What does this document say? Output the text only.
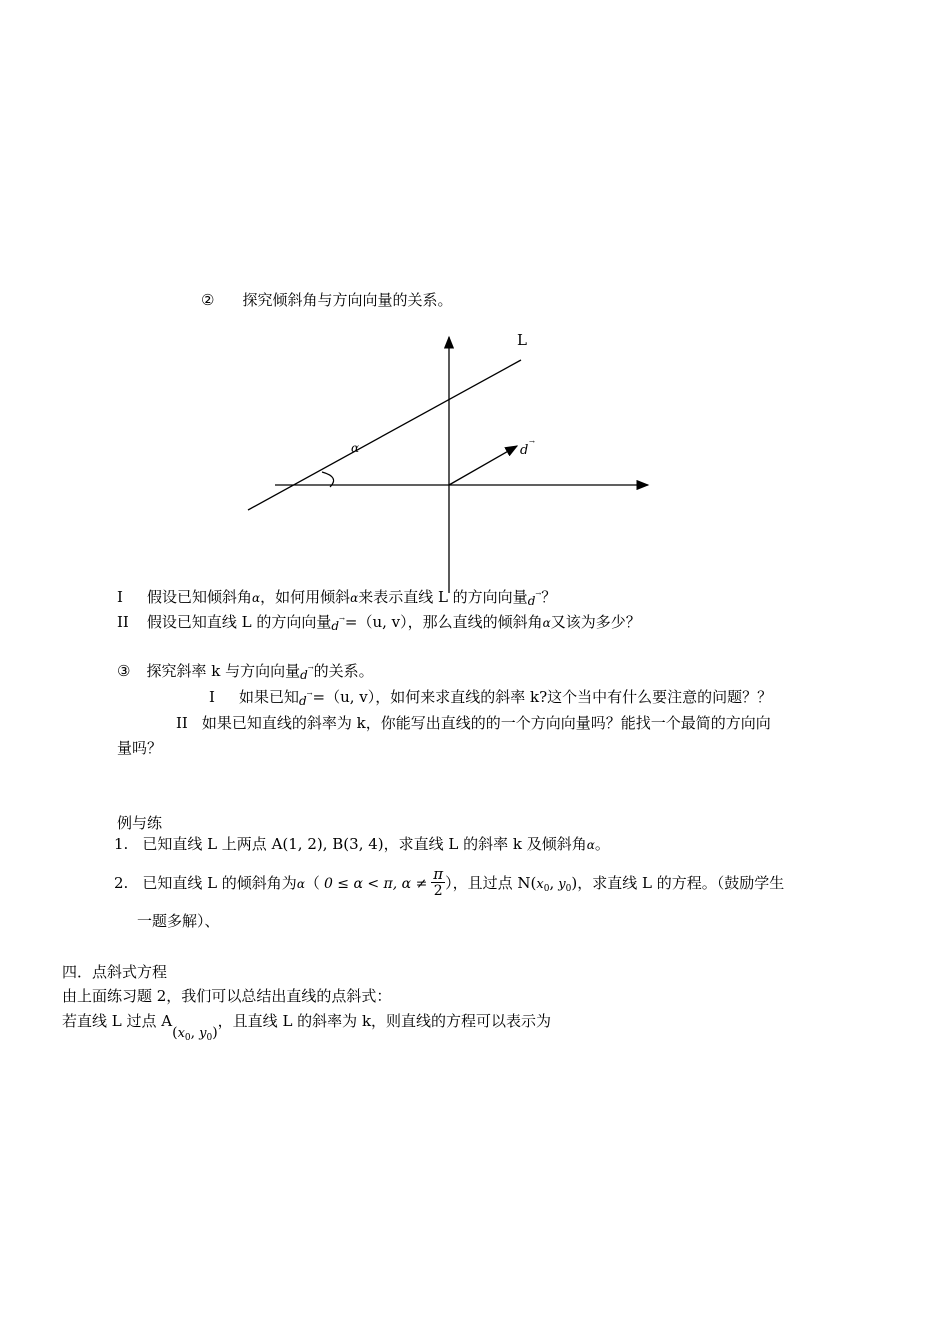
② 探究倾斜角与方向向量的关系。
L
α	d
→
I 假设已知倾斜角α，如何用倾斜α来表示直线 L 的方向向量$_d$→？
II 假设已知直线 L 的方向向量$_d$→=（u, v），那么直线的倾斜角α又该为多少？
③ 探究斜率 k 与方向向量$_d$→的关系。
I 如果已知$_d$→=（u, v），如何来求直线的斜率 k?这个当中有什么要注意的问题？？
II 如果已知直线的斜率为 k，你能写出直线的的一个方向向量吗？能找一个最简的方向向
量吗？
例与练
1. 已知直线 L 上两点 A(1, 2), B(3, 4)，求直线 L 的斜率 k 及倾斜角α。
2. 已知直线 L 的倾斜角为α（ 0 ≤ α < π, $\alpha \ne \frac{\pi}{2}$ ），且过点 $N(x_0$, $y_0$)，求直线 L 的方程。（鼓励学生
一题多解）、
四．点斜式方程
由上面练习题 2，我们可以总结出直线的点斜式：
若直线 L 过点 $A(x_0$, $y_0$)，且直线 L 的斜率为 k，则直线的方程可以表示为
